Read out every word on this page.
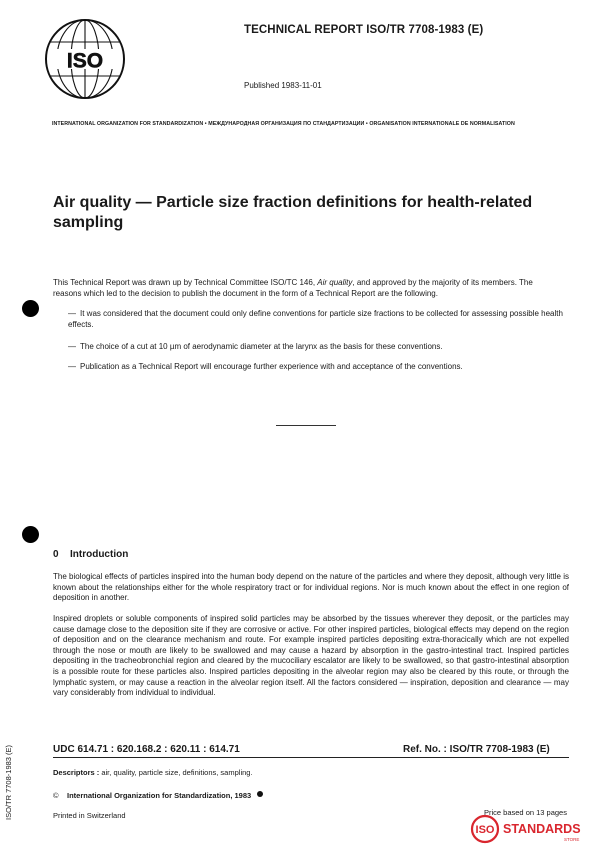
ISO
TECHNICAL REPORT ISO/TR 7708-1983 (E)
Published 1983-11-01
INTERNATIONAL ORGANIZATION FOR STANDARDIZATION • МЕЖДУНАРОДНАЯ ОРГАНИЗАЦИЯ ПО СТАНДАРТИЗАЦИИ • ORGANISATION INTERNATIONALE DE NORMALISATION
Air quality — Particle size fraction definitions for health-related sampling
This Technical Report was drawn up by Technical Committee ISO/TC 146, Air quality, and approved by the majority of its members. The reasons which led to the decision to publish the document in the form of a Technical Report are the following.
— It was considered that the document could only define conventions for particle size fractions to be collected for assessing possible health effects.
— The choice of a cut at 10 µm of aerodynamic diameter at the larynx as the basis for these conventions.
— Publication as a Technical Report will encourage further experience with and acceptance of the conventions.
0 Introduction
The biological effects of particles inspired into the human body depend on the nature of the particles and where they deposit, although very little is known about the relationships either for the whole respiratory tract or for individual regions. Nor is much known about the effect in one region of deposition in another.
Inspired droplets or soluble components of inspired solid particles may be absorbed by the tissues wherever they deposit, or the particles may cause damage close to the deposition site if they are corrosive or active. For other inspired particles, biological effects may depend on the region of deposition and on the clearance mechanism and route. For example inspired particles depositing extra-thoracically which are not expelled through the nose or mouth are likely to be swallowed and may cause a hazard by absorption in the gastro-intestinal tract. Inspired particles depositing in the tracheobronchial region and cleared by the mucociliary escalator are likely to be swallowed, so that gastro-intestinal absorption is a possible route for these particles also. Inspired particles depositing in the alveolar region may also be cleared by this route, or through the lymphatic system, or may cause a reaction in the alveolar region itself. All the factors considered — inspiration, deposition and clearance — may vary considerably from individual to individual.
UDC 614.71 : 620.168.2 : 620.11 : 614.71	Ref. No. : ISO/TR 7708-1983 (E)
Descriptors : air, quality, particle size, definitions, sampling.
© International Organization for Standardization, 1983
Printed in Switzerland	Price based on 13 pages
ISO/TR 7708-1983 (E)
ISO STANDARDS
STORE
